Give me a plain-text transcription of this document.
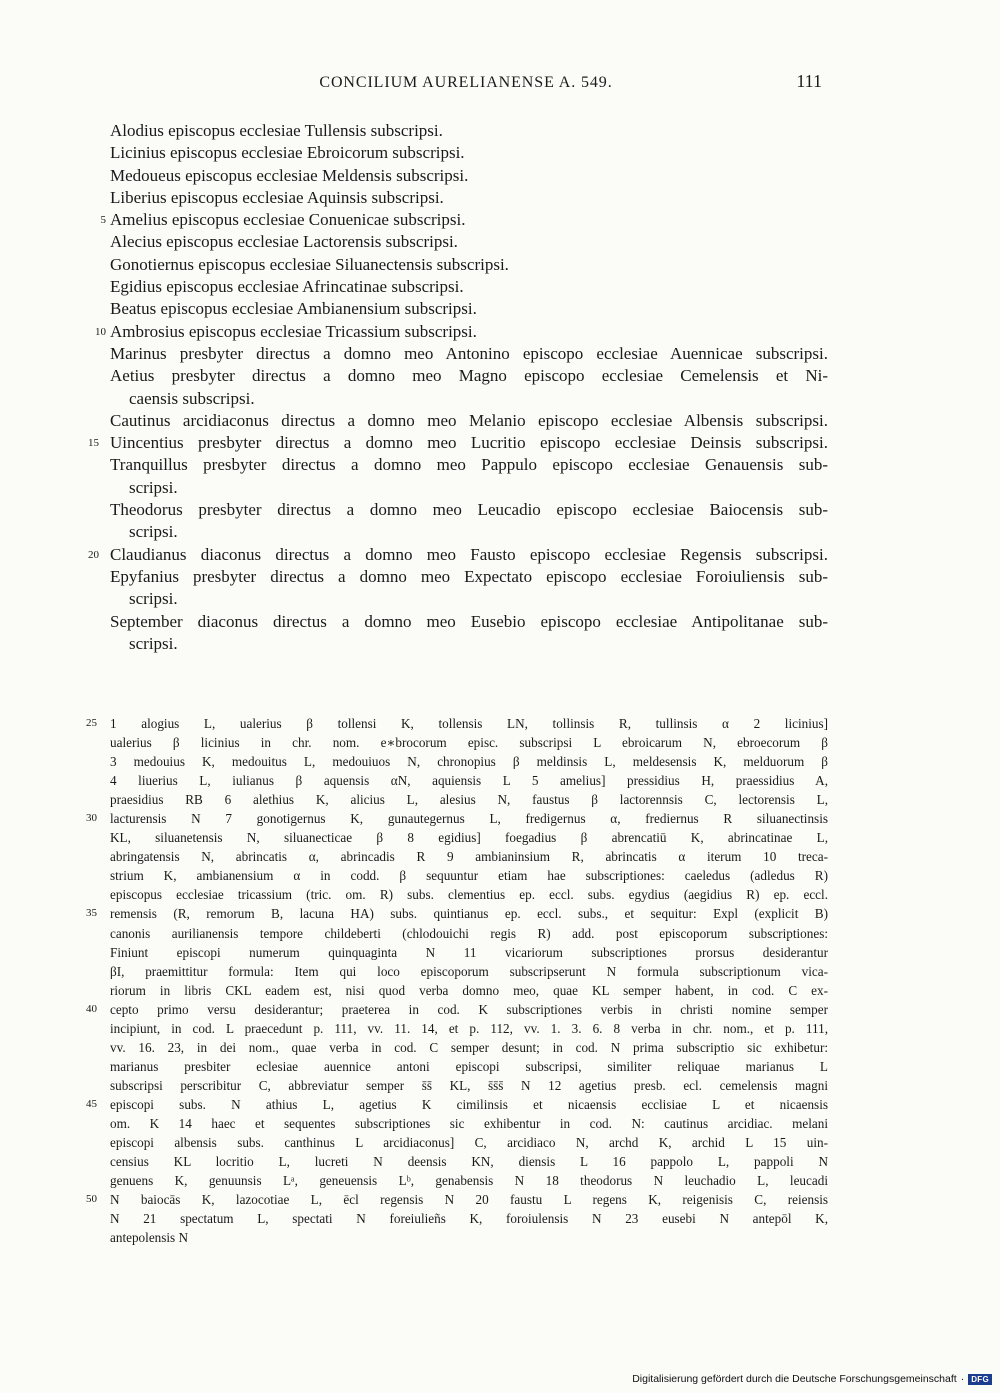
CONCILIUM AURELIANENSE A. 549.	111
Alodius episcopus ecclesiae Tullensis subscripsi.
Licinius episcopus ecclesiae Ebroicorum subscripsi.
Medoueus episcopus ecclesiae Meldensis subscripsi.
Liberius episcopus ecclesiae Aquinsis subscripsi.
5 Amelius episcopus ecclesiae Conuenicae subscripsi.
Alecius episcopus ecclesiae Lactorensis subscripsi.
Gonotiernus episcopus ecclesiae Siluanectensis subscripsi.
Egidius episcopus ecclesiae Afrincatinae subscripsi.
Beatus episcopus ecclesiae Ambianensium subscripsi.
10 Ambrosius episcopus ecclesiae Tricassium subscripsi.
Marinus presbyter directus a domno meo Antonino episcopo ecclesiae Auennicae subscripsi.
Aetius presbyter directus a domno meo Magno episcopo ecclesiae Cemelensis et Ni-
caensis subscripsi.
Cautinus arcidiaconus directus a domno meo Melanio episcopo ecclesiae Albensis subscripsi.
15 Uincentius presbyter directus a domno meo Lucritio episcopo ecclesiae Deinsis subscripsi.
Tranquillus presbyter directus a domno meo Pappulo episcopo ecclesiae Genauensis sub-
scripsi.
Theodorus presbyter directus a domno meo Leucadio episcopo ecclesiae Baiocensis sub-
scripsi.
20 Claudianus diaconus directus a domno meo Fausto episcopo ecclesiae Regensis subscripsi.
Epyfanius presbyter directus a domno meo Expectato episcopo ecclesiae Foroiuliensis sub-
scripsi.
September diaconus directus a domno meo Eusebio episcopo ecclesiae Antipolitanae sub-
scripsi.
25 1 alogius L, ualerius β tollensi K, tollensis LN, tollinsis R, tullinsis α 2 licinius]
ualerius β licinius in chr. nom. e∗brocorum episc. subscripsi L ebroicarum N, ebroecorum β
3 medouius K, medouitus L, medouiuos N, chronopius β meldinsis L, meldesensis K, melduorum β
4 liuerius L, iulianus β aquensis αN, aquiensis L 5 amelius] pressidius H, praessidius A,
praesidius RB 6 alethius K, alicius L, alesius N, faustus β lactorennsis C, lectorensis L,
30 lacturensis N 7 gonotigernus K, gunautegernus L, fredigernus α, frediernus R siluanectinsis
KL, siluanetensis N, siluanecticae β 8 egidius] foegadius β abrencatiū K, abrincatinae L,
abringatensis N, abrincatis α, abrincadis R 9 ambianinsium R, abrincatis α iterum 10 treca-
strium K, ambianensium α in codd. β sequuntur etiam hae subscriptiones: caeledus (adledus R)
episcopus ecclesiae tricassium (tric. om. R) subs. clementius ep. eccl. subs. egydius (aegidius R) ep. eccl.
35 remensis (R, remorum B, lacuna HA) subs. quintianus ep. eccl. subs., et sequitur: Expl (explicit B)
canonis aurilianensis tempore childeberti (chlodouichi regis R) add. post episcoporum subscriptiones:
Finiunt episcopi numerum quinquaginta N 11 vicariorum subscriptiones prorsus desiderantur
βI, praemittitur formula: Item qui loco episcoporum subscripserunt N formula subscriptionum vica-
riorum in libris CKL eadem est, nisi quod verba domno meo, quae KL semper habent, in cod. C ex-
40 cepto primo versu desiderantur; praeterea in cod. K subscriptiones verbis in christi nomine semper
incipiunt, in cod. L praecedunt p. 111, vv. 11. 14, et p. 112, vv. 1. 3. 6. 8 verba in chr. nom., et p. 111,
vv. 16. 23, in dei nom., quae verba in cod. C semper desunt; in cod. N prima subscriptio sic exhibetur:
marianus presbiter eclesiae auennice antoni episcopi subscripsi, similiter reliquae marianus L
subscripsi perscribitur C, abbreviatur semper s̄s̄ KL, s̄s̄s̄ N 12 agetius presb. ecl. cemelensis magni
45 episcopi subs. N athius L, agetius K cimilinsis et nicaensis ecclisiae L et nicaensis
om. K 14 haec et sequentes subscriptiones sic exhibentur in cod. N: cautinus arcidiac. melani
episcopi albensis subs. canthinus L arcidiaconus] C, arcidiaco N, archd K, archid L 15 uin-
censius KL locritio L, lucreti N deensis KN, diensis L 16 pappolo L, pappoli N
genuens K, genuunsis Lᵃ, geneuensis Lᵇ, genabensis N 18 theodorus N leuchadio L, leucadi
50 N baiocās K, lazocotiae L, ēcl regensis N 20 faustu L regens K, reigenisis C, reiensis
N 21 spectatum L, spectati N foreiulieñs K, foroiulensis N 23 eusebi N antepōl K,
antepolensis N
Digitalisierung gefördert durch die Deutsche Forschungsgemeinschaft · DFG
